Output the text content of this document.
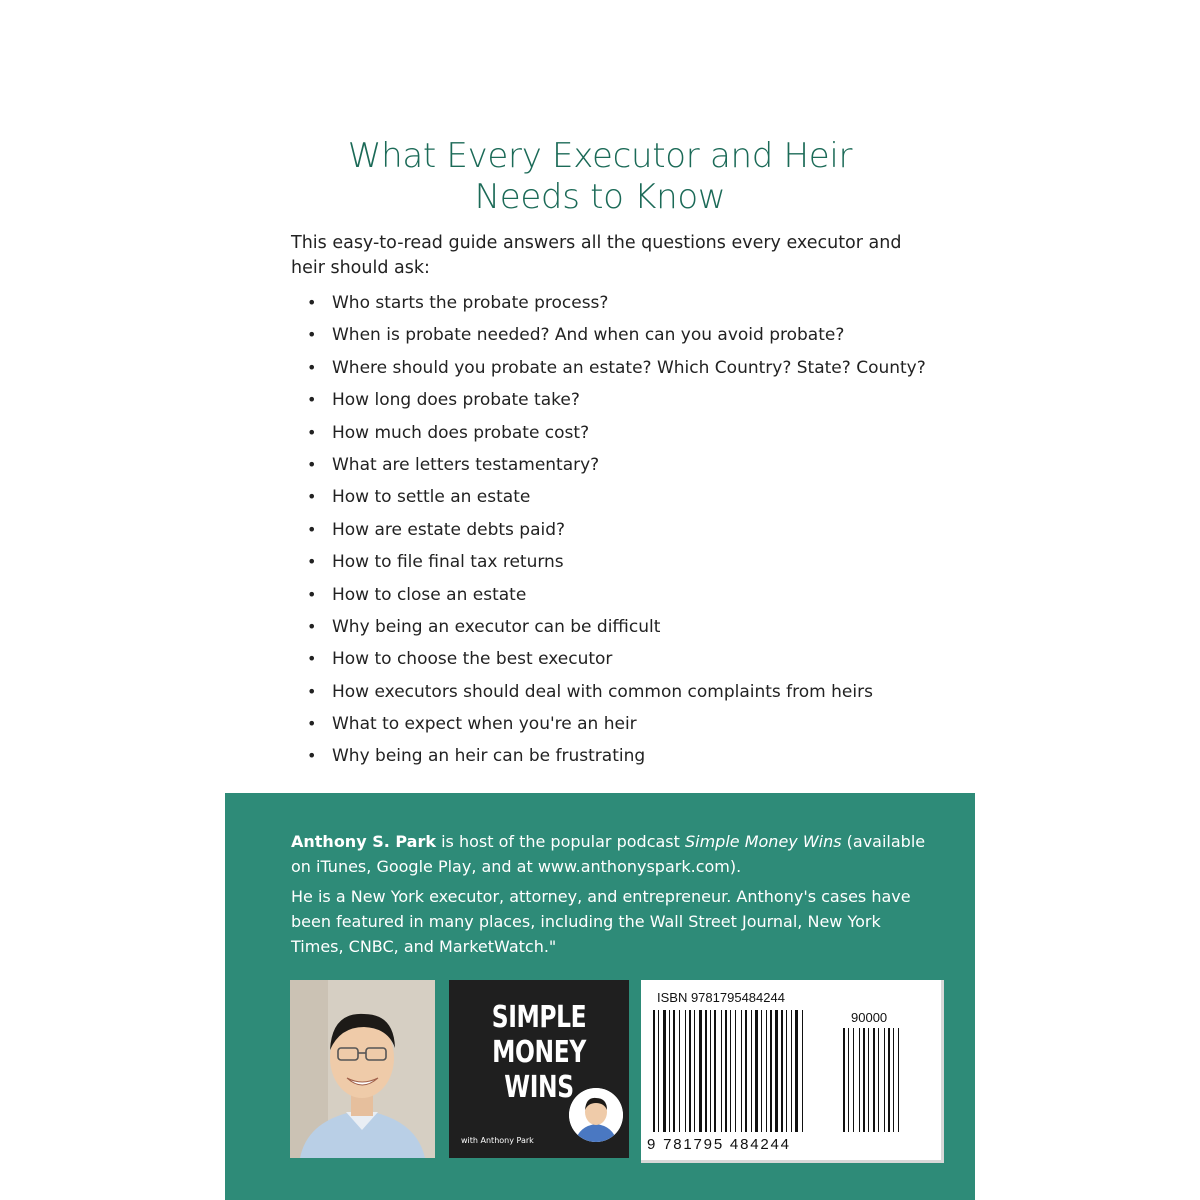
What Every Executor and Heir
Needs to Know
This easy-to-read guide answers all the questions every executor and heir should ask:
• Who starts the probate process?
• When is probate needed? And when can you avoid probate?
• Where should you probate an estate? Which Country? State? County?
• How long does probate take?
• How much does probate cost?
• What are letters testamentary?
• How to settle an estate
• How are estate debts paid?
• How to file final tax returns
• How to close an estate
• Why being an executor can be difficult
• How to choose the best executor
• How executors should deal with common complaints from heirs
• What to expect when you're an heir
• Why being an heir can be frustrating

Anthony S. Park is host of the popular podcast Simple Money Wins (available on iTunes, Google Play, and at www.anthonyspark.com).

He is a New York executor, attorney, and entrepreneur. Anthony's cases have been featured in many places, including the Wall Street Journal, New York Times, CNBC, and MarketWatch."

SIMPLE
MONEY
WINS
with Anthony Park
ISBN 9781795484244
90000
9 781795 484244
